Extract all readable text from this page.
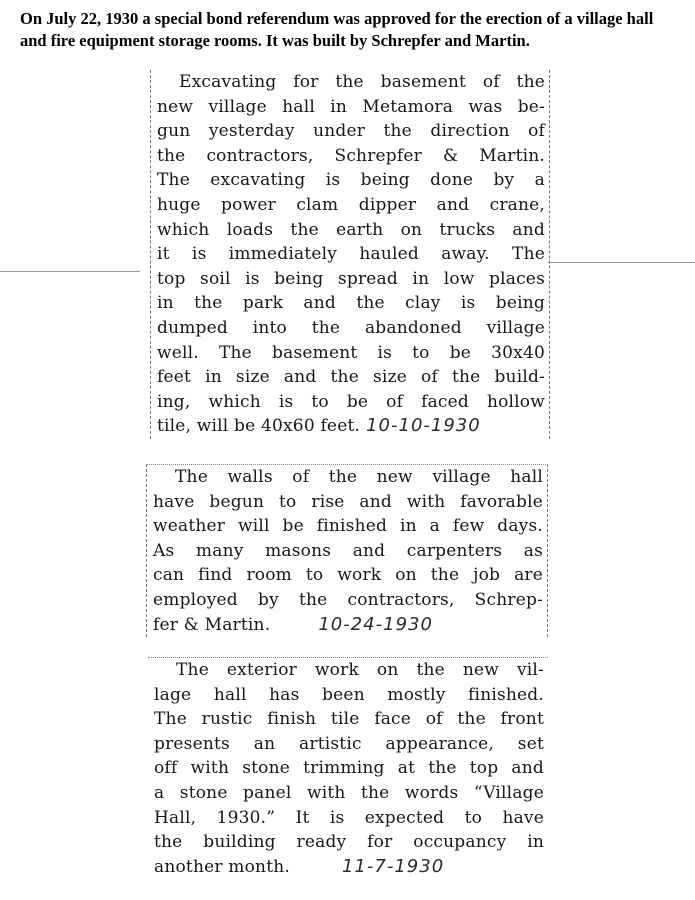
On July 22, 1930 a special bond referendum was approved for the erection of a village hall and fire equipment storage rooms. It was built by Schrepfer and Martin.

Excavating for the basement of the
new village hall in Metamora was be-
gun yesterday under the direction of
the contractors, Schrepfer & Martin.
The excavating is being done by a
huge power clam dipper and crane,
which loads the earth on trucks and
it is immediately hauled away. The
top soil is being spread in low places
in the park and the clay is being
dumped into the abandoned village
well. The basement is to be 30x40
feet in size and the size of the build-
ing, which is to be of faced hollow
tile, will be 40x60 feet. 10-10-1930
The walls of the new village hall
have begun to rise and with favorable
weather will be finished in a few days.
As many masons and carpenters as
can find room to work on the job are
employed by the contractors, Schrep-
fer & Martin.	10-24-1930
The exterior work on the new vil-
lage hall has been mostly finished.
The rustic finish tile face of the front
presents an artistic appearance, set
off with stone trimming at the top and
a stone panel with the words “Village
Hall, 1930.” It is expected to have
the building ready for occupancy in
another month.	11-7-1930
